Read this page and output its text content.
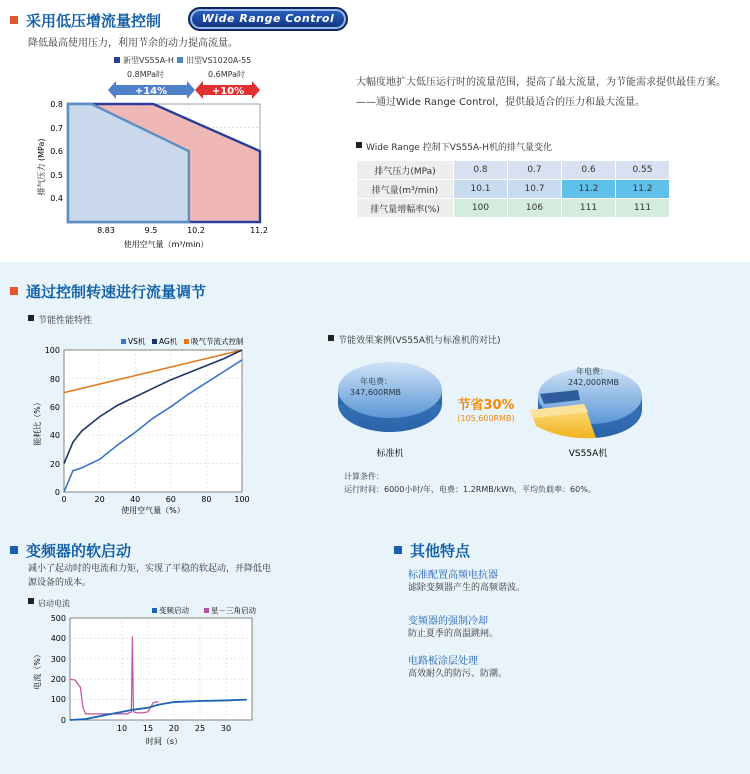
采用低压增流量控制	Wide Range Control
降低最高使用压力，利用节余的动力提高流量。
新型VS55A-H 旧型VS1020A-55
0.8MPa时	0.6MPa时
+14%	+10%
0.8
0.7
0.6
0.5
0.4
8.83	9.5	10.2	11.2
使用空气量（m³/min）
排气压力 (MPa)
大幅度地扩大低压运行时的流量范围，提高了最大流量，为节能需求提供最佳方案。
——通过Wide Range Control，提供最适合的压力和最大流量。
Wide Range 控制下VS55A-H机的排气量变化
排气压力(MPa)	0.8	0.7	0.6	0.55
排气量(m³/min)	10.1	10.7	11.2	11.2
排气量增幅率(%)	100	106	111	111
通过控制转速进行流量调节
节能性能特性
VS机 AG机 吸气节流式控制
0
20
40
60
80
100
0	20	40	60	80	100
使用空气量（%）
能耗比（%）
节能效果案例(VS55A机与标准机的对比)
年电费：
347,600RMB
标准机
年电费：
242,000RMB
VS55A机
节省30%
(105,600RMB)
计算条件：
运行时间：6000小时/年，电费：1.2RMB/kWh，平均负载率：60%。
变频器的软启动
减小了起动时的电流和力矩，实现了平稳的软起动，并降低电
源设备的成本。
启动电流
变频启动	星－三角启动
0
100
200
300
400
500
10 15 20 25 30
时间（s）
电流（%）
其他特点
标准配置高频电抗器
滤除变频器产生的高频谐波。
变频器的强制冷却
防止夏季的高温跳闸。
电路板涂层处理
高效耐久的防污、防潮。
